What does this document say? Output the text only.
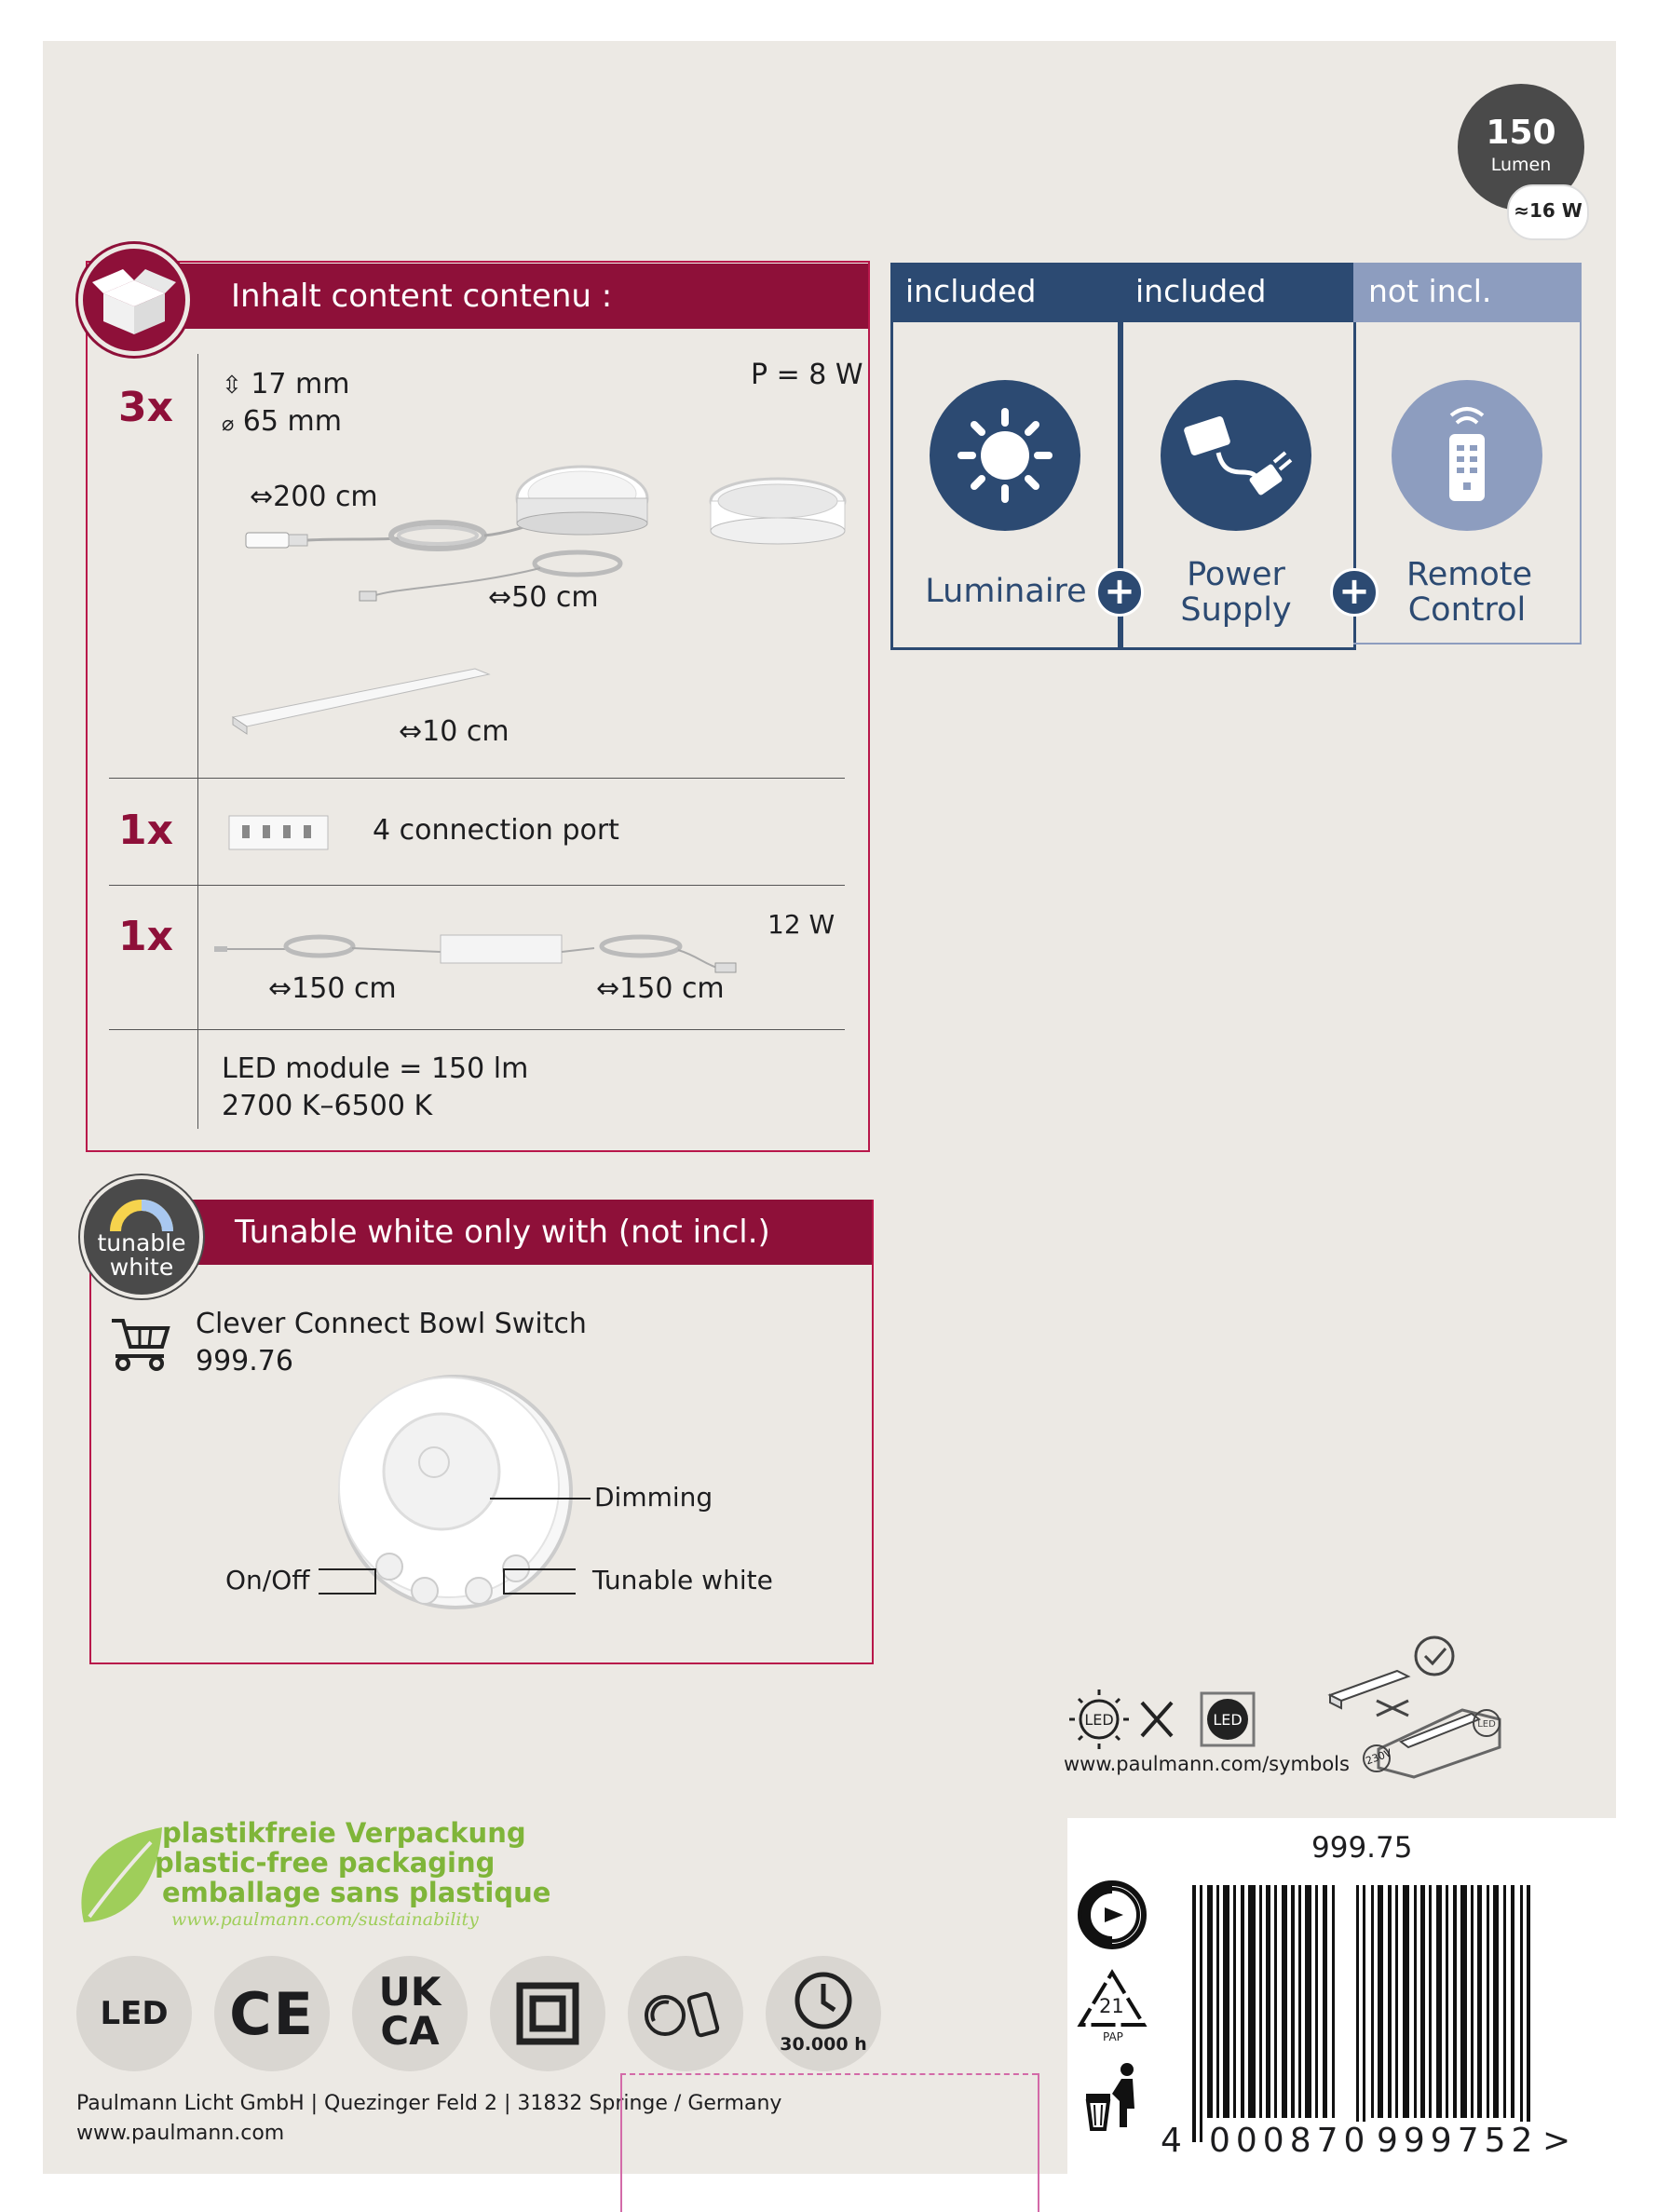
150
Lumen
≈16 W
Inhalt content contenu :
3x ⇳ 17 mm
⌀ 65 mm
P = 8 W
⇔200 cm
⇔50 cm
⇔10 cm
1x	4 connection port
1x	12 W
⇔150 cm	⇔150 cm
LED module = 150 lm
2700 K–6500 K
included	included	not incl.
Luminaire	Power Supply
Remote Control
+	+
Tunable white only with (not incl.)
tunable
white
Clever Connect Bowl Switch
999.76
Dimming
On/Off	Tunable white
LED	LED
www.paulmann.com/symbols
LED
230V
plastikfreie Verpackung
plastic-free packaging
emballage sans plastique
www.paulmann.com/sustainability
LED	CE	UK
CA	30.000 h
Paulmann Licht GmbH | Quezinger Feld 2 | 31832 Springe / Germany
www.paulmann.com
999.75
21
PAP
4 000870 999752 >
